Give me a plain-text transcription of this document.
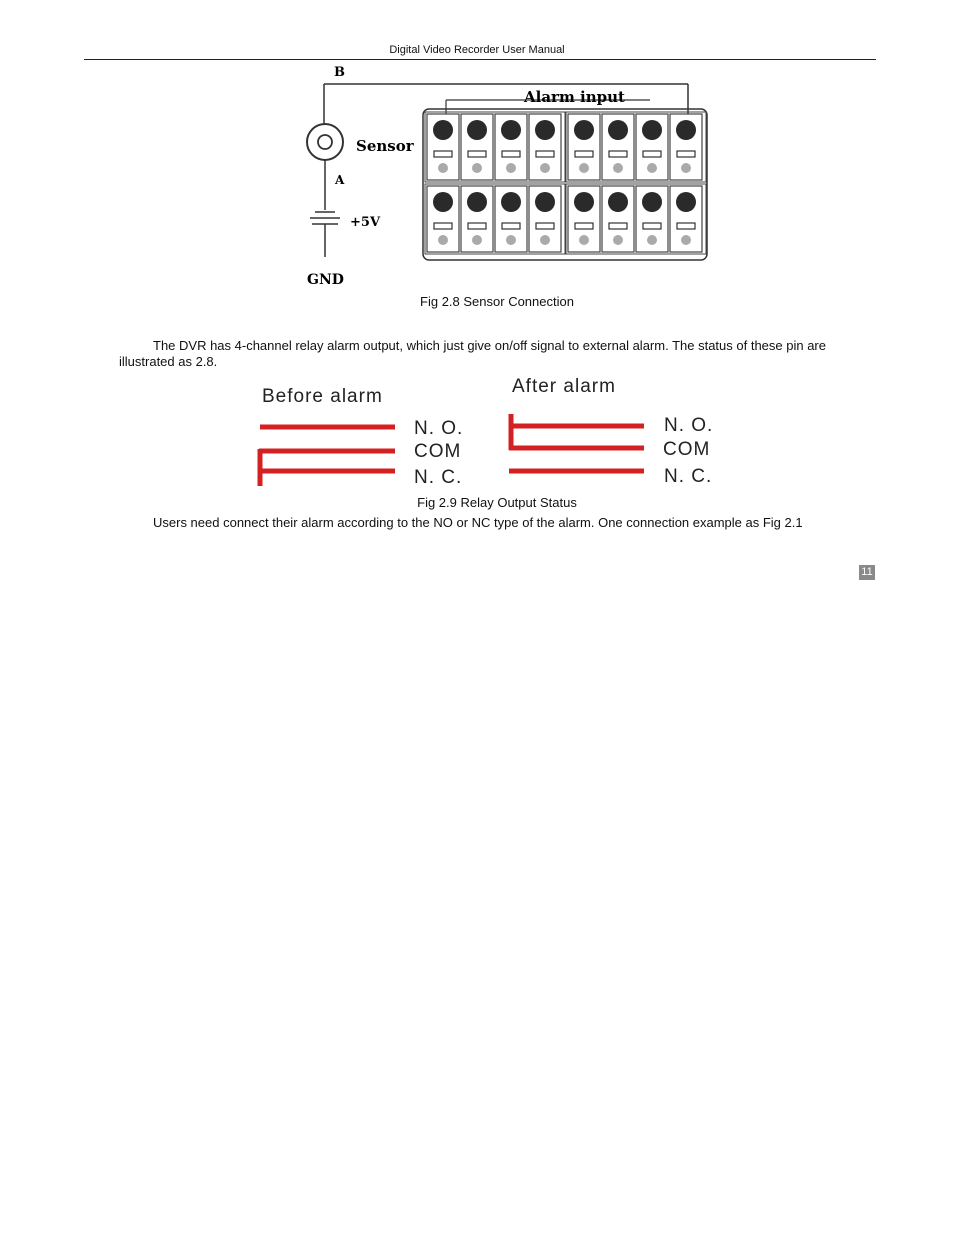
Digital Video Recorder User Manual
B
Sensor
A
+5V
GND
Alarm input
Fig 2.8 Sensor Connection
The DVR has 4-channel relay alarm output, which just give on/off signal to external alarm. The status of these pin are illustrated as 2.8.
Before alarm	After alarm
N. O.
COM
N. C.
N. O.
COM
N. C.
Fig 2.9 Relay Output Status
Users need connect their alarm according to the NO or NC type of the alarm. One connection example as Fig 2.1
11
